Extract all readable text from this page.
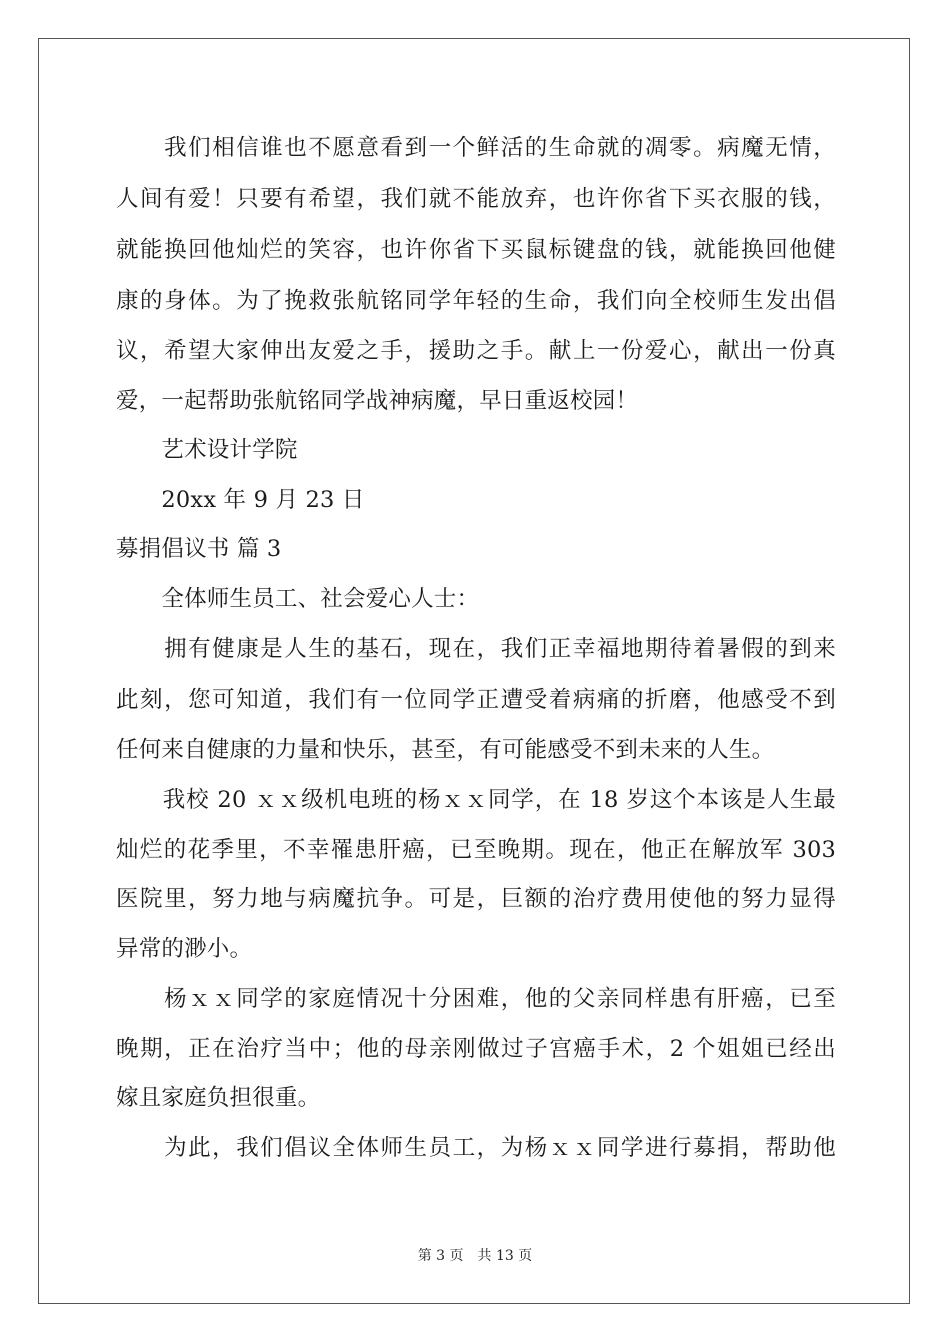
　　我们相信谁也不愿意看到一个鲜活的生命就的凋零。病魔无情，
人间有爱！只要有希望，我们就不能放弃，也许你省下买衣服的钱，
就能换回他灿烂的笑容，也许你省下买鼠标键盘的钱，就能换回他健
康的身体。为了挽救张航铭同学年轻的生命，我们向全校师生发出倡
议，希望大家伸出友爱之手，援助之手。献上一份爱心，献出一份真
爱，一起帮助张航铭同学战神病魔，早日重返校园！
　　艺术设计学院
　　20xx 年 9 月 23 日
募捐倡议书 篇 3
　　全体师生员工、社会爱心人士：
　　拥有健康是人生的基石，现在，我们正幸福地期待着暑假的到来
此刻，您可知道，我们有一位同学正遭受着病痛的折磨，他感受不到
任何来自健康的力量和快乐，甚至，有可能感受不到未来的人生。
　　我校 20 ｘｘ级机电班的杨ｘｘ同学，在 18 岁这个本该是人生最
灿烂的花季里，不幸罹患肝癌，已至晚期。现在，他正在解放军 303
医院里，努力地与病魔抗争。可是，巨额的治疗费用使他的努力显得
异常的渺小。
　　杨ｘｘ同学的家庭情况十分困难，他的父亲同样患有肝癌，已至
晚期，正在治疗当中；他的母亲刚做过子宫癌手术，2 个姐姐已经出
嫁且家庭负担很重。
　　为此，我们倡议全体师生员工，为杨ｘｘ同学进行募捐，帮助他
第 3 页 共 13 页
